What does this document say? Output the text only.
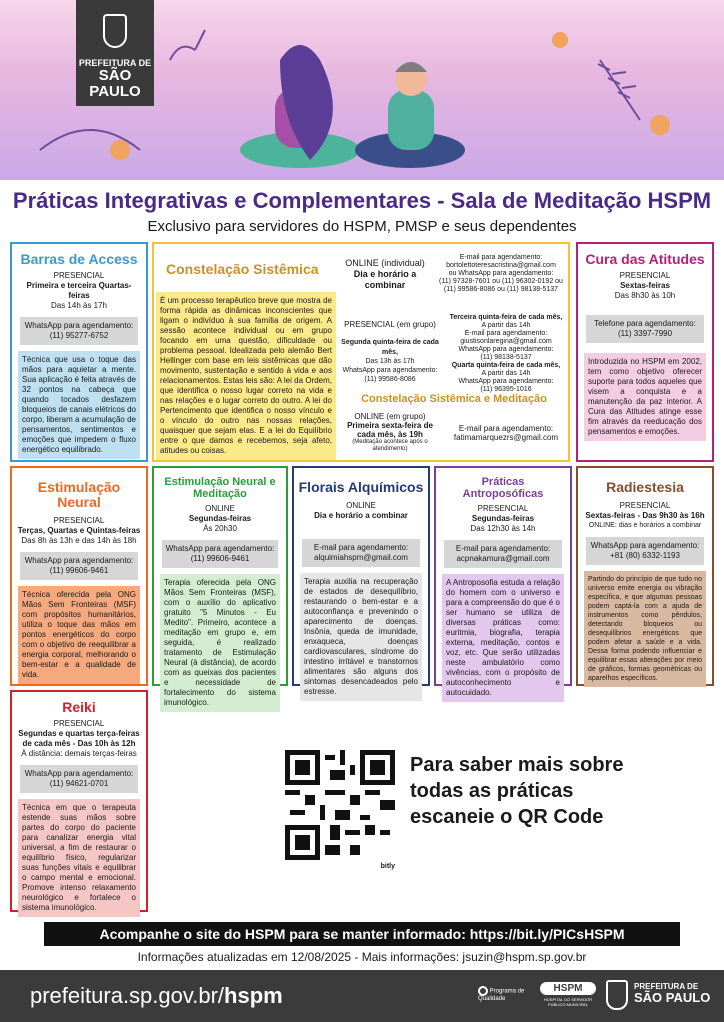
PREFEITURA DE
SÃO PAULO
Práticas Integrativas e Complementares - Sala de Meditação HSPM
Exclusivo para servidores do HSPM, PMSP e seus dependentes
Barras de Access
PRESENCIAL
Primeira e terceira Quartas-feiras
Das 14h às 17h
WhatsApp para agendamento:
(11) 95277-6752
Técnica que usa o toque das mãos para aquietar a mente. Sua aplicação é feita através de 32 pontos na cabeça que quando tocados desfazem bloqueios de canais elétricos do corpo, liberam a acumulação de pensamentos, sentimentos e emoções que impedem o fluxo energético equilibrado.
Constelação Sistêmica
É um processo terapêutico breve que mostra de forma rápida as dinâmicas inconscientes que ligam o indivíduo à sua família de origem. A sessão acontece individual ou em grupo focando em uma questão, dificuldade ou problema pessoal. Idealizada pelo alemão Bert Hellinger com base em leis sistêmicas que dão movimento, sustentação e sentido à vida e aos relacionamentos. Estas leis são: A lei da Ordem, que identifica o nosso lugar correto na vida e nas relações e o lugar correto do outro. A lei do Pertencimento que identifica o nosso vínculo e o vínculo do outro nas nossas relações, quaisquer que sejam elas. E a lei do Equilíbrio entre o que damos e recebemos, seja afeto, atitudes ou coisas.
ONLINE (individual)
Dia e horário a combinar
E-mail para agendamento:
bortolettoteresacristina@gmail.com
ou WhatsApp para agendamento:
(11) 97328-7601 ou (11) 96302-0192 ou (11) 99586-8086 ou (11) 98138-5137
PRESENCIAL (em grupo)
Segunda quinta-feira de cada mês,
Das 13h às 17h
WhatsApp para agendamento:
(11) 99586-8086
Terceira quinta-feira de cada mês,
A partir das 14h
E-mail para agendamento:
giustisonlaregina@gmail.com
WhatsApp para agendamento:
(11) 98138-5137
Quarta quinta-feira de cada mês,
A partir das 14h
WhatsApp para agendamento:
(11) 96395-1016
Constelação Sistêmica e Meditação
ONLINE (em grupo)
Primeira sexta-feira de cada mês, às 19h
(Meditação acontece após o atendimento)
E-mail para agendamento:
fatimamarquezrs@gmail.com
Cura das Atitudes
PRESENCIAL
Sextas-feiras
Das 8h30 às 10h
Telefone para agendamento:
(11) 3397-7990
Introduzida no HSPM em 2002, tem como objetivo oferecer suporte para todos aqueles que visem a conquista e a manutenção da paz interior. A Cura das Atitudes atinge esse fim através da reeducação dos pensamentos e emoções.
Estimulação Neural
PRESENCIAL
Terças, Quartas e Quintas-feiras
Das 8h às 13h e das 14h às 18h
WhatsApp para agendamento:
(11) 99606-9461
Técnica oferecida pela ONG Mãos Sem Fronteiras (MSF) com propósitos humanitários, utiliza o toque das mãos em pontos energéticos do corpo com o objetivo de reequilibrar a energia corporal, melhorando o bem-estar e a qualidade de vida.
Estimulação Neural e Meditação
ONLINE
Segundas-feiras
Às 20h30
WhatsApp para agendamento:
(11) 99606-9461
Terapia oferecida pela ONG Mãos Sem Fronteiras (MSF), com o auxílio do aplicativo gratuito "5 Minutos - Eu Medito". Primeiro, acontece a meditação em grupo e, em seguida, é realizado tratamento de Estimulação Neural (à distância), de acordo com as queixas dos pacientes e necessidade de fortalecimento do sistema imunológico.
Florais Alquímicos
ONLINE
Dia e horário a combinar
E-mail para agendamento:
alquimiahspm@gmail.com
Terapia auxilia na recuperação de estados de desequilíbrio, restaurando o bem-estar e a autoconfiança e prevenindo o aparecimento de doenças. Insônia, queda de imunidade, enxaqueca, doenças cardiovasculares, síndrome do intestino irritável e transtornos alimentares são alguns dos sintomas desencadeados pelo estresse.
Práticas Antroposóficas
PRESENCIAL
Segundas-feiras
Das 12h30 às 14h
E-mail para agendamento:
acpnakamura@gmail.com
A Antroposofia estuda a relação do homem com o universo e para a compreensão do que é o ser humano se utiliza de diversas práticas como: euritmia, biografia, terapia externa, meditação, contos e voz, etc. Que serão utilizadas neste ambulatório como vivências, com o propósito de autoconhecimento e autocuidado.
Radiestesia
PRESENCIAL
Sextas-feiras - Das 9h30 às 16h
ONLINE: dias e horários a combinar
WhatsApp para agendamento:
+81 (80) 6332-1193
Partindo do princípio de que tudo no universo emite energia ou vibração específica, e que algumas pessoas podem captá-la com a ajuda de instrumentos como pêndulos, detectando bloqueios ou desequilíbrios energéticos que podem afetar a saúde e a vida. Dessa forma podendo influenciar e equilibrar essas alterações por meio de gráficos, formas geométricas ou aparelhos específicos.
Reiki
PRESENCIAL
Segundas e quartas terça-feiras de cada mês - Das 10h às 12h
À distância: demais terças-feiras
WhatsApp para agendamento:
(11) 94621-0701
Técnica em que o terapeuta estende suas mãos sobre partes do corpo do paciente para canalizar energia vital universal, a fim de restaurar o equilíbrio físico, regularizar suas funções vitais e equilibrar o campo mental e emocional. Promove intenso relaxamento neurológico e fortalece o sistema imunológico.
bitly
Para saber mais sobre todas as práticas escaneie o QR Code
Acompanhe o site do HSPM para se manter informado: https://bit.ly/PICsHSPM
Informações atualizadas em 12/08/2025 - Mais informações: jsuzin@hspm.sp.gov.br
prefeitura.sp.gov.br/hspm	Programa de Qualidade
HSPM
HOSPITAL DO SERVIDOR PÚBLICO MUNICIPAL
PREFEITURA DE
SÃO PAULO
